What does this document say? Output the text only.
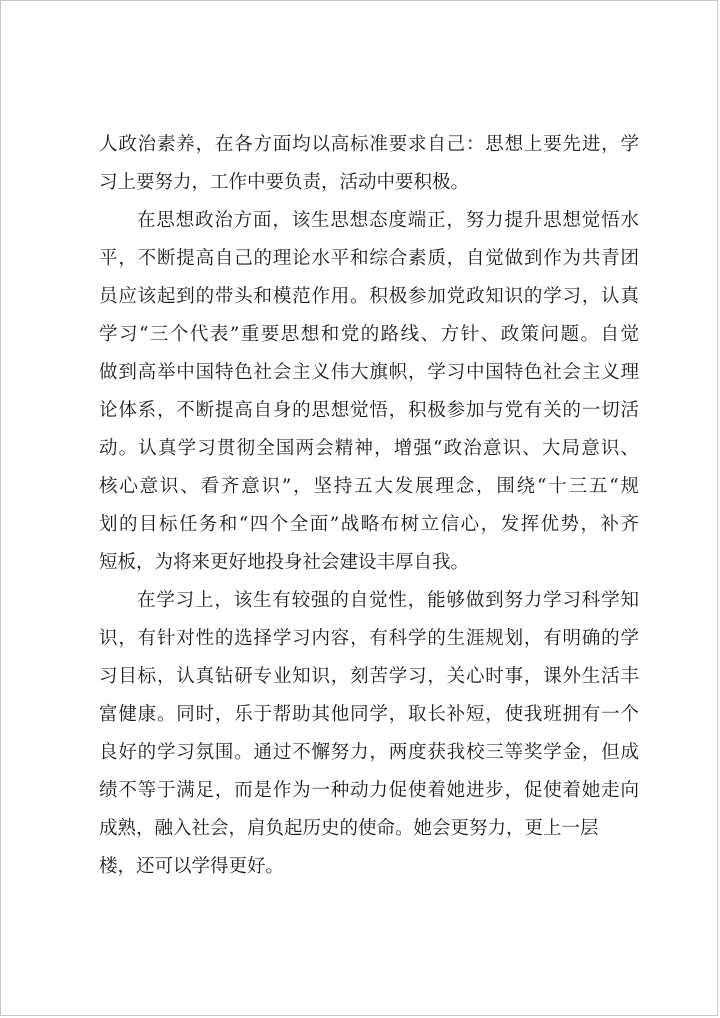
人政治素养，在各方面均以高标准要求自己：思想上要先进，学
习上要努力，工作中要负责，活动中要积极。
在思想政治方面，该生思想态度端正，努力提升思想觉悟水
平，不断提高自己的理论水平和综合素质，自觉做到作为共青团
员应该起到的带头和模范作用。积极参加党政知识的学习，认真
学习“三个代表”重要思想和党的路线、方针、政策问题。自觉
做到高举中国特色社会主义伟大旗帜，学习中国特色社会主义理
论体系，不断提高自身的思想觉悟，积极参加与党有关的一切活
动。认真学习贯彻全国两会精神，增强“政治意识、大局意识、
核心意识、看齐意识”，坚持五大发展理念，围绕“十三五“规
划的目标任务和“四个全面”战略布树立信心，发挥优势，补齐
短板，为将来更好地投身社会建设丰厚自我。
在学习上，该生有较强的自觉性，能够做到努力学习科学知
识，有针对性的选择学习内容，有科学的生涯规划，有明确的学
习目标，认真钻研专业知识，刻苦学习，关心时事，课外生活丰
富健康。同时，乐于帮助其他同学，取长补短，使我班拥有一个
良好的学习氛围。通过不懈努力，两度获我校三等奖学金，但成
绩不等于满足，而是作为一种动力促使着她进步，促使着她走向
成熟，融入社会，肩负起历史的使命。她会更努力，更上一层
楼，还可以学得更好。
